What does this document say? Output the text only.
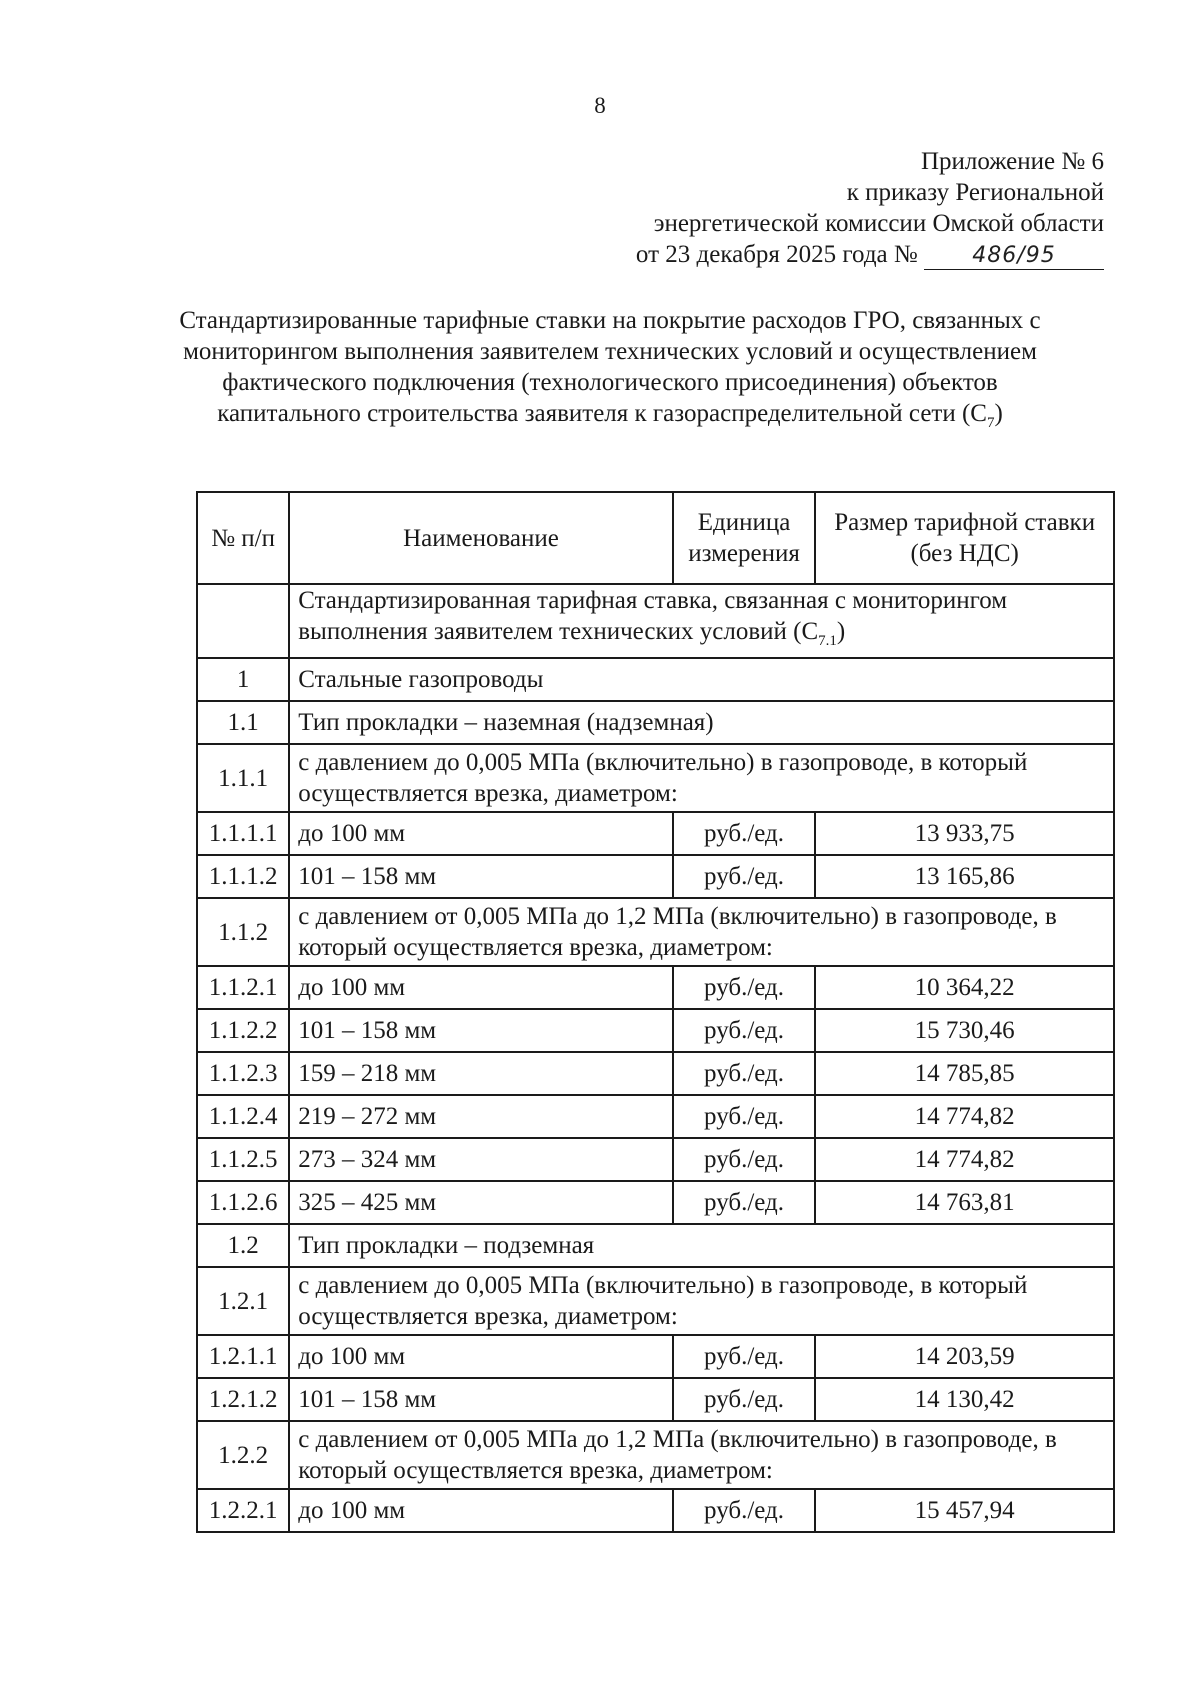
8
Приложение № 6
к приказу Региональной
энергетической комиссии Омской области
от 23 декабря 2025 года № 486/95
Стандартизированные тарифные ставки на покрытие расходов ГРО, связанных с мониторингом выполнения заявителем технических условий и осуществлением фактического подключения (технологического присоединения) объектов капитального строительства заявителя к газораспределительной сети $(С_7)$
№ п/п	Наименование	Единица измерения	Размер тарифной ставки (без НДС)
	Стандартизированная тарифная ставка, связанная с мониторингом выполнения заявителем технических условий $(С_{7.1})$		
1	Стальные газопроводы		
1.1	Тип прокладки – наземная (надземная)		
1.1.1	с давлением до 0,005 МПа (включительно) в газопроводе, в который осуществляется врезка, диаметром:		
1.1.1.1	до 100 мм	руб./ед.	13 933,75
1.1.1.2	101 – 158 мм	руб./ед.	13 165,86
1.1.2	с давлением от 0,005 МПа до 1,2 МПа (включительно) в газопроводе, в который осуществляется врезка, диаметром:		
1.1.2.1	до 100 мм	руб./ед.	10 364,22
1.1.2.2	101 – 158 мм	руб./ед.	15 730,46
1.1.2.3	159 – 218 мм	руб./ед.	14 785,85
1.1.2.4	219 – 272 мм	руб./ед.	14 774,82
1.1.2.5	273 – 324 мм	руб./ед.	14 774,82
1.1.2.6	325 – 425 мм	руб./ед.	14 763,81
1.2	Тип прокладки – подземная		
1.2.1	с давлением до 0,005 МПа (включительно) в газопроводе, в который осуществляется врезка, диаметром:		
1.2.1.1	до 100 мм	руб./ед.	14 203,59
1.2.1.2	101 – 158 мм	руб./ед.	14 130,42
1.2.2	с давлением от 0,005 МПа до 1,2 МПа (включительно) в газопроводе, в который осуществляется врезка, диаметром:		
1.2.2.1	до 100 мм	руб./ед.	15 457,94
